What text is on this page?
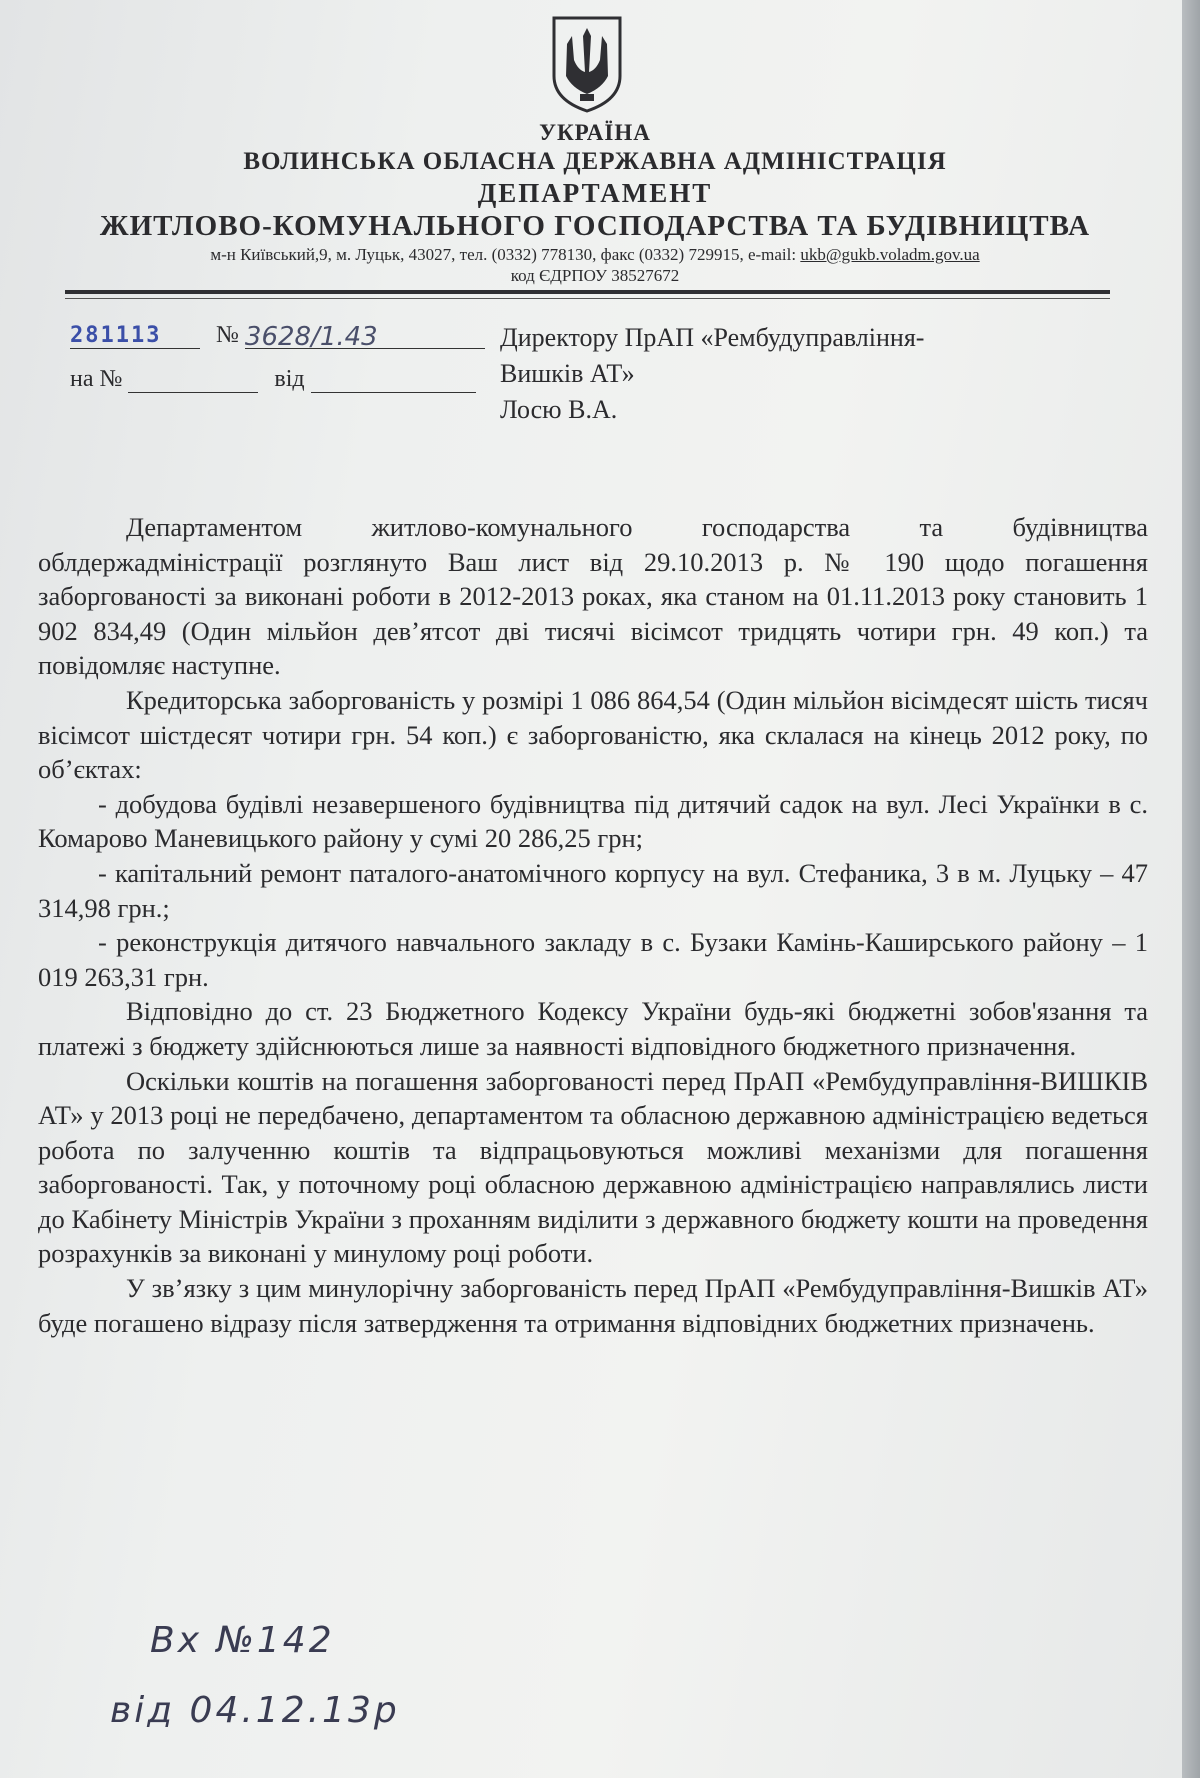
УКРАЇНА
ВОЛИНСЬКА ОБЛАСНА ДЕРЖАВНА АДМІНІСТРАЦІЯ
ДЕПАРТАМЕНТ
ЖИТЛОВО-КОМУНАЛЬНОГО ГОСПОДАРСТВА ТА БУДІВНИЦТВА
м-н Київський,9, м. Луцьк, 43027, тел. (0332) 778130, факс (0332) 729915, e-mail: ukb@gukb.voladm.gov.ua
код ЄДРПОУ 38527672
281113 № 3628/1.43
на №	від
Директору ПрАП «Рембудуправління-
Вишків АТ»
Лосю В.А.

Департаментом житлово-комунального господарства та будівництва облдержадміністрації розглянуто Ваш лист від 29.10.2013 р. № 190 щодо погашення заборгованості за виконані роботи в 2012-2013 роках, яка станом на 01.11.2013 року становить 1 902 834,49 (Один мільйон дев’ятсот дві тисячі вісімсот тридцять чотири грн. 49 коп.) та повідомляє наступне.

Кредиторська заборгованість у розмірі 1 086 864,54 (Один мільйон вісімдесят шість тисяч вісімсот шістдесят чотири грн. 54 коп.) є заборгованістю, яка склалася на кінець 2012 року, по об’єктах:

- добудова будівлі незавершеного будівництва під дитячий садок на вул. Лесі Українки в с. Комарово Маневицького району у сумі 20 286,25 грн;

- капітальний ремонт паталого-анатомічного корпусу на вул. Стефаника, 3 в м. Луцьку – 47 314,98 грн.;

- реконструкція дитячого навчального закладу в с. Бузаки Камінь-Каширського району – 1 019 263,31 грн.

Відповідно до ст. 23 Бюджетного Кодексу України будь-які бюджетні зобов'язання та платежі з бюджету здійснюються лише за наявності відповідного бюджетного призначення.

Оскільки коштів на погашення заборгованості перед ПрАП «Рембудуправління-ВИШКІВ АТ» у 2013 році не передбачено, департаментом та обласною державною адміністрацією ведеться робота по залученню коштів та відпрацьовуються можливі механізми для погашення заборгованості. Так, у поточному році обласною державною адміністрацією направлялись листи до Кабінету Міністрів України з проханням виділити з державного бюджету кошти на проведення розрахунків за виконані у минулому році роботи.

У зв’язку з цим минулорічну заборгованість перед ПрАП «Рембудуправління-Вишків АТ» буде погашено відразу після затвердження та отримання відповідних бюджетних призначень.

Вх №142
від 04.12.13р
